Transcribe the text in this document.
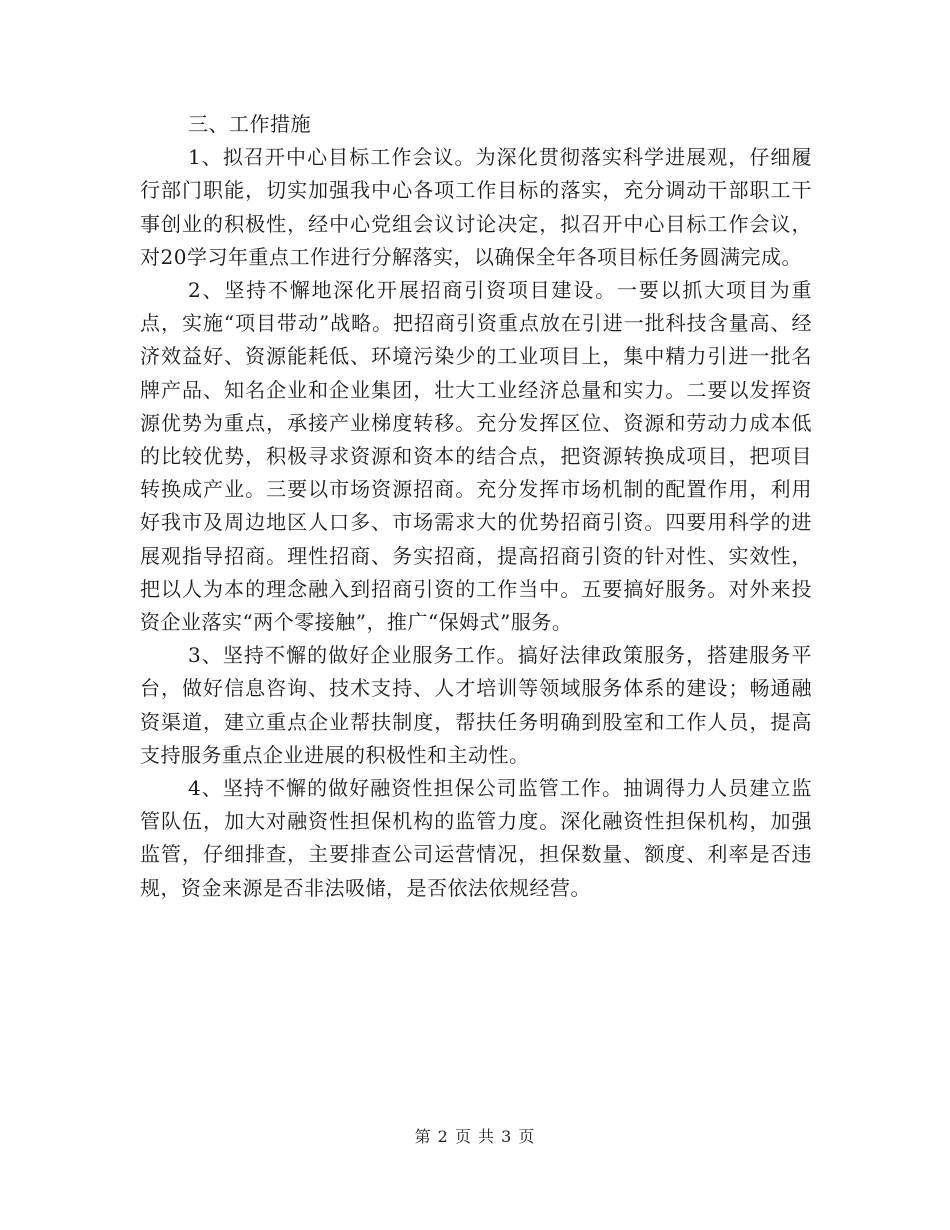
三、工作措施

1、拟召开中心目标工作会议。为深化贯彻落实科学进展观，仔细履行部门职能，切实加强我中心各项工作目标的落实，充分调动干部职工干事创业的积极性，经中心党组会议讨论决定，拟召开中心目标工作会议，对20学习年重点工作进行分解落实，以确保全年各项目标任务圆满完成。

2、坚持不懈地深化开展招商引资项目建设。一要以抓大项目为重点，实施“项目带动”战略。把招商引资重点放在引进一批科技含量高、经济效益好、资源能耗低、环境污染少的工业项目上，集中精力引进一批名牌产品、知名企业和企业集团，壮大工业经济总量和实力。二要以发挥资源优势为重点，承接产业梯度转移。充分发挥区位、资源和劳动力成本低的比较优势，积极寻求资源和资本的结合点，把资源转换成项目，把项目转换成产业。三要以市场资源招商。充分发挥市场机制的配置作用，利用好我市及周边地区人口多、市场需求大的优势招商引资。四要用科学的进展观指导招商。理性招商、务实招商，提高招商引资的针对性、实效性，把以人为本的理念融入到招商引资的工作当中。五要搞好服务。对外来投资企业落实“两个零接触”，推广“保姆式”服务。

3、坚持不懈的做好企业服务工作。搞好法律政策服务，搭建服务平台，做好信息咨询、技术支持、人才培训等领域服务体系的建设；畅通融资渠道，建立重点企业帮扶制度，帮扶任务明确到股室和工作人员，提高支持服务重点企业进展的积极性和主动性。

4、坚持不懈的做好融资性担保公司监管工作。抽调得力人员建立监管队伍，加大对融资性担保机构的监管力度。深化融资性担保机构，加强监管，仔细排查，主要排查公司运营情况，担保数量、额度、利率是否违规，资金来源是否非法吸储，是否依法依规经营。

第 2 页 共 3 页
